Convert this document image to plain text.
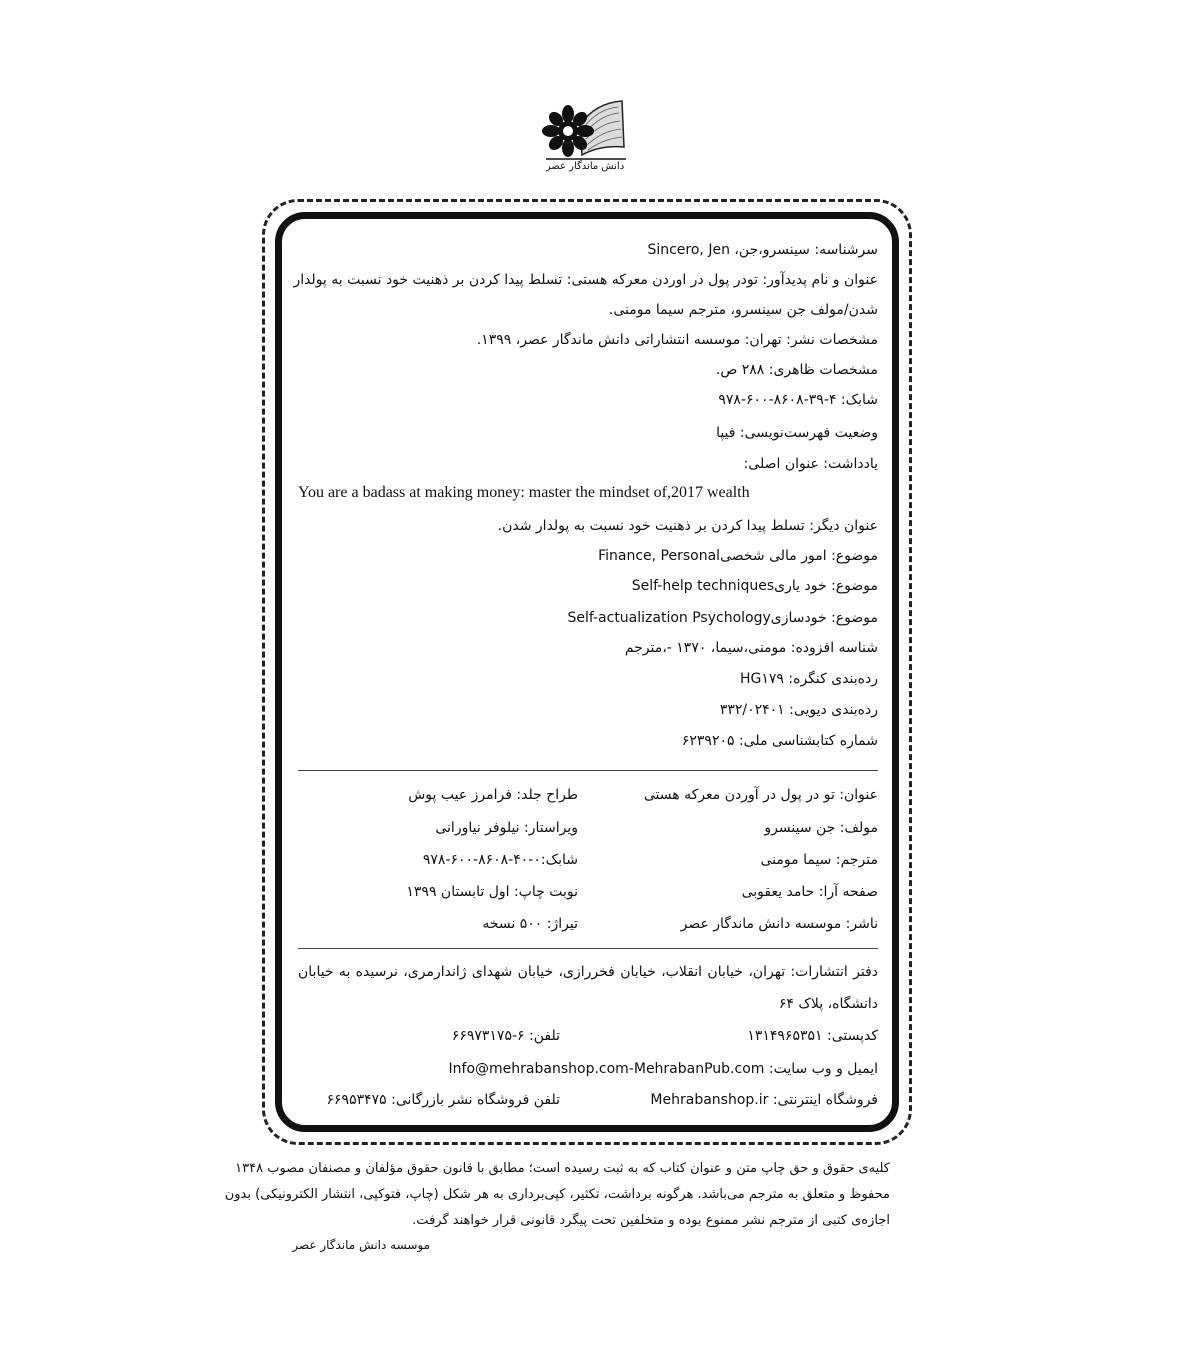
دانش ماندگار عصر
سرشناسه: سینسرو،جن، Sincero, Jen
عنوان و نام پدیدآور: تودر پول در اوردن معرکه هستی: تسلط پیدا کردن بر ذهنیت خود نسبت به پولدار
شدن/مولف جن سینسرو، مترجم سیما مومنی.
مشخصات نشر: تهران: موسسه انتشاراتی دانش ماندگار عصر، ۱۳۹۹.
مشخصات ظاهری: ۲۸۸ ص.
شابک: ۴-۳۹-۸۶۰۸-۶۰۰-۹۷۸
وضعیت فهرست‌نویسی: فیپا
یادداشت: عنوان اصلی:
You are a badass at making money: master the mindset of,2017 wealth
عنوان دیگر: تسلط پیدا کردن بر ذهنیت خود نسبت به پولدار شدن.
موضوع: امور مالی شخصیFinance, Personal
موضوع: خود یاریSelf-help techniques
موضوع: خودسازیSelf-actualization Psychology
شناسه افزوده: مومنی،سیما، ۱۳۷۰ -،مترجم
رده‌بندی کنگره: HG۱۷۹
رده‌بندی دیویی: ۳۳۲/۰۲۴۰۱
شماره کتابشناسی ملی: ۶۲۳۹۲۰۵
عنوان: تو در پول در آوردن معرکه هستی
مولف: جن سینسرو
مترجم: سیما مومنی
صفحه آرا: حامد یعقوبی
ناشر: موسسه دانش ماندگار عصر
طراح جلد: فرامرز عیب پوش
ویراستار: نیلوفر نیاورانی
شابک:۰-۴۰-۸۶۰۸-۶۰۰-۹۷۸
نوبت چاپ: اول تابستان ۱۳۹۹
تیراژ: ۵۰۰ نسخه
دفتر انتشارات: تهران، خیابان انقلاب، خیابان فخررازی، خیابان شهدای ژاندارمری، نرسیده به خیابان
دانشگاه، پلاک ۶۴
کدپستی: ۱۳۱۴۹۶۵۳۵۱
تلفن: ۶-۶۶۹۷۳۱۷۵
ایمیل و وب سایت: Info@mehrabanshop.com-MehrabanPub.com
فروشگاه اینترنتی: Mehrabanshop.ir
تلفن فروشگاه نشر بازرگانی: ۶۶۹۵۳۴۷۵
کلیه‌ی حقوق و حق چاپ متن و عنوان کتاب که به ثبت رسیده است؛ مطابق با قانون حقوق مؤلفان و مصنفان مصوب ۱۳۴۸
محفوظ و متعلق به مترجم می‌باشد. هرگونه برداشت، تکثیر، کپی‌برداری به هر شکل (چاپ، فتوکپی، انتشار الکترونیکی) بدون
اجازه‌ی کتبی از مترجم نشر ممنوع بوده و متخلفین تحت پیگرد قانونی قرار خواهند گرفت.
موسسه دانش ماندگار عصر
